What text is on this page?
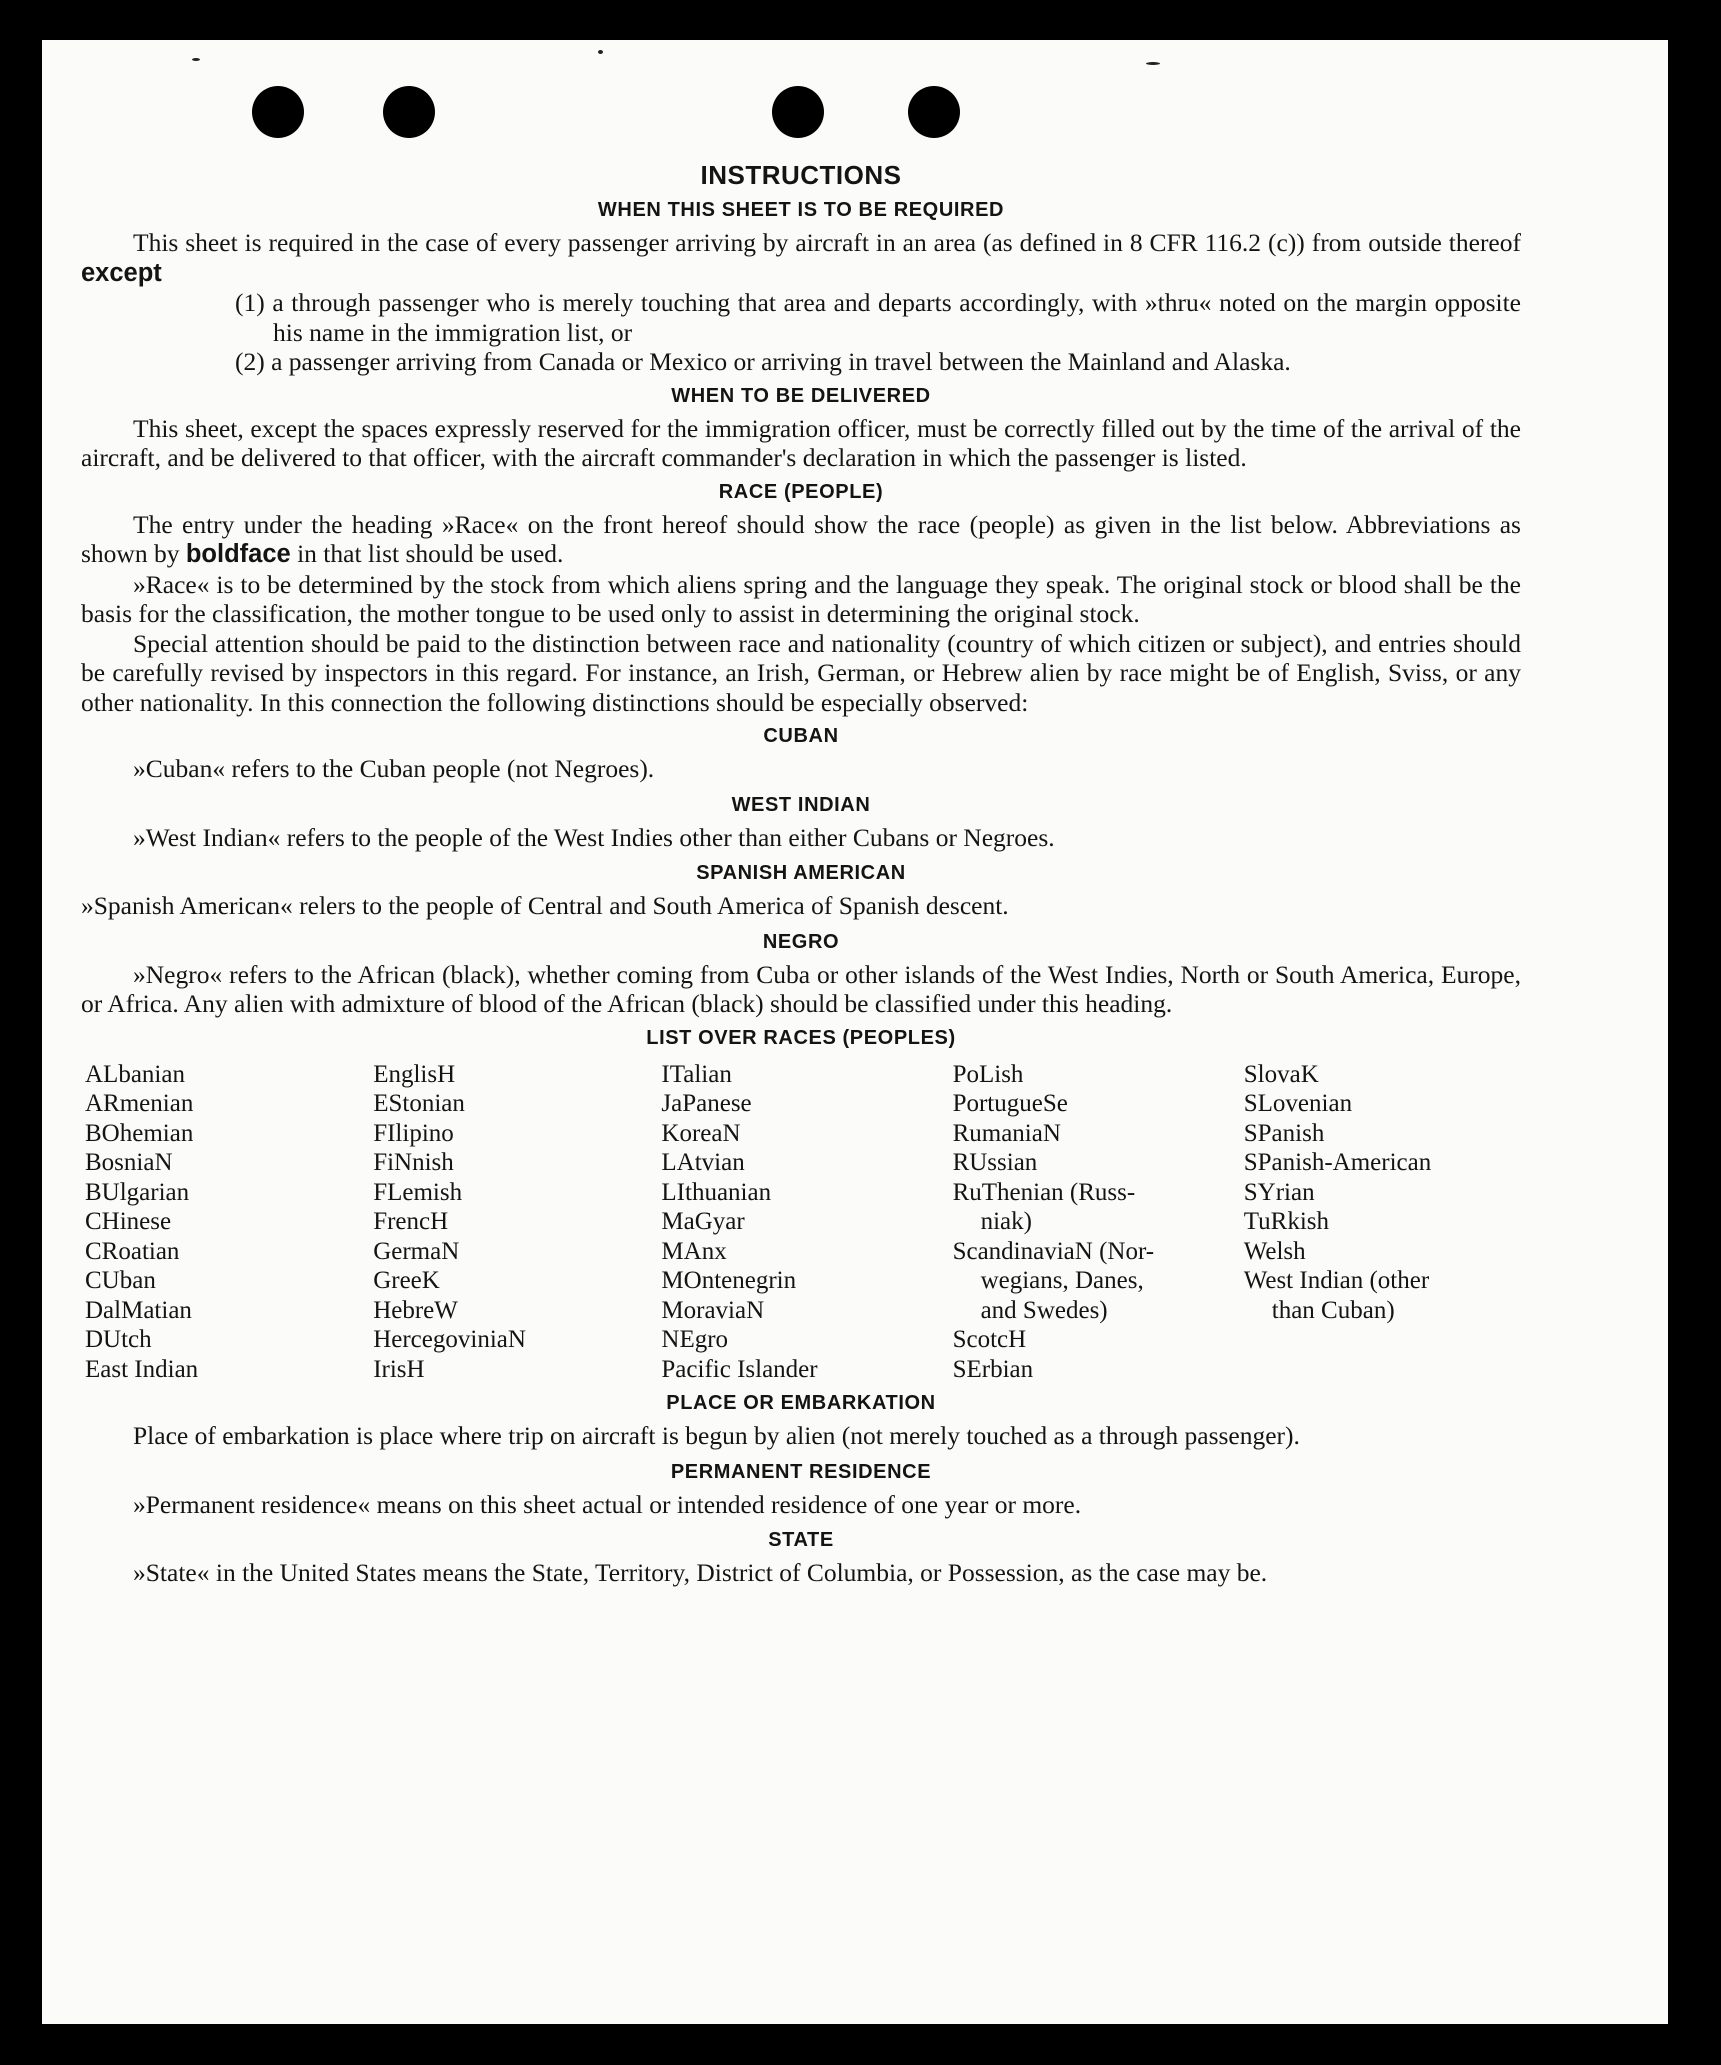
INSTRUCTIONS
WHEN THIS SHEET IS TO BE REQUIRED

This sheet is required in the case of every passenger arriving by aircraft in an area (as defined in 8 CFR 116.2 (c)) from outside thereof except

(1) a through passenger who is merely touching that area and departs accordingly, with »thru« noted on the margin opposite his name in the immigration list, or

(2) a passenger arriving from Canada or Mexico or arriving in travel between the Mainland and Alaska.

WHEN TO BE DELIVERED

This sheet, except the spaces expressly reserved for the immigration officer, must be correctly filled out by the time of the arrival of the aircraft, and be delivered to that officer, with the aircraft commander's declaration in which the passenger is listed.

RACE (PEOPLE)

The entry under the heading »Race« on the front hereof should show the race (people) as given in the list below. Abbreviations as shown by boldface in that list should be used.

»Race« is to be determined by the stock from which aliens spring and the language they speak. The original stock or blood shall be the basis for the classification, the mother tongue to be used only to assist in determining the original stock.

Special attention should be paid to the distinction between race and nationality (country of which citizen or subject), and entries should be carefully revised by inspectors in this regard. For instance, an Irish, German, or Hebrew alien by race might be of English, Sviss, or any other nationality. In this connection the following distinctions should be especially observed:

CUBAN

»Cuban« refers to the Cuban people (not Negroes).

WEST INDIAN

»West Indian« refers to the people of the West Indies other than either Cubans or Negroes.

SPANISH AMERICAN

»Spanish American« relers to the people of Central and South America of Spanish descent.

NEGRO

»Negro« refers to the African (black), whether coming from Cuba or other islands of the West Indies, North or South America, Europe, or Africa. Any alien with admixture of blood of the African (black) should be classified under this heading.

LIST OVER RACES (PEOPLES)
ALbanian
ARmenian
BOhemian
BosniaN
BUlgarian
CHinese
CRoatian
CUban
DalMatian
DUtch
East Indian
EnglisH
EStonian
FIlipino
FiNnish
FLemish
FrencH
GermaN
GreeK
HebreW
HercegoviniaN
IrisH
ITalian
JaPanese
KoreaN
LAtvian
LIthuanian
MaGyar
MAnx
MOntenegrin
MoraviaN
NEgro
Pacific Islander
PoLish
PortugueSe
RumaniaN
RUssian
RuThenian (Russ-
niak)
ScandinaviaN (Nor-
wegians, Danes,
and Swedes)
ScotcH
SErbian
SlovaK
SLovenian
SPanish
SPanish-American
SYrian
TuRkish
Welsh
West Indian (other
than Cuban)
PLACE OR EMBARKATION

Place of embarkation is place where trip on aircraft is begun by alien (not merely touched as a through passenger).

PERMANENT RESIDENCE

»Permanent residence« means on this sheet actual or intended residence of one year or more.

STATE

»State« in the United States means the State, Territory, District of Columbia, or Possession, as the case may be.
